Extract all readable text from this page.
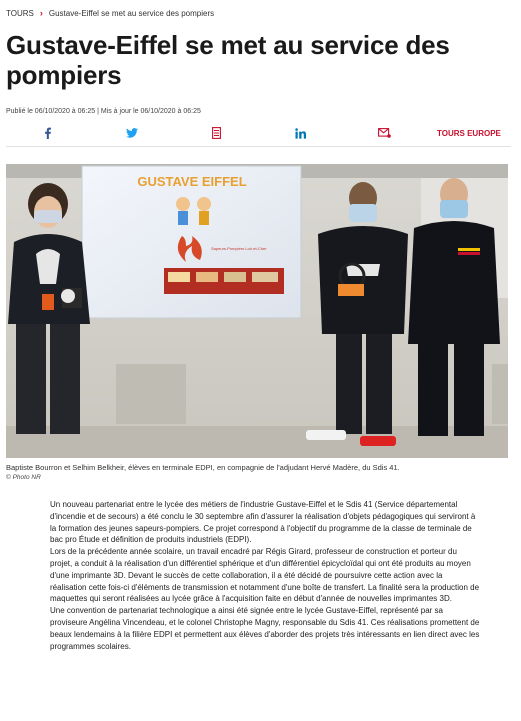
TOURS › Gustave-Eiffel se met au service des pompiers
Gustave-Eiffel se met au service des pompiers
Publié le 06/10/2020 à 06:25 | Mis à jour le 06/10/2020 à 06:25
TOURS EUROPE
GUSTAVE EIFFEL
Sapeurs-Pompiers Loir-et-Cher
Baptiste Bourron et Selhim Belkheir, élèves en terminale EDPI, en compagnie de l'adjudant Hervé Madère, du Sdis 41.
© Photo NR

Un nouveau partenariat entre le lycée des métiers de l'industrie Gustave-Eiffel et le Sdis 41 (Service départemental d'incendie et de secours) a été conclu le 30 septembre afin d'assurer la réalisation d'objets pédagogiques qui serviront à la formation des jeunes sapeurs-pompiers. Ce projet correspond à l'objectif du programme de la classe de terminale de bac pro Étude et définition de produits industriels (EDPI).

Lors de la précédente année scolaire, un travail encadré par Régis Girard, professeur de construction et porteur du projet, a conduit à la réalisation d'un différentiel sphérique et d'un différentiel épicycloïdal qui ont été produits au moyen d'une imprimante 3D. Devant le succès de cette collaboration, il a été décidé de poursuivre cette action avec la réalisation cette fois-ci d'éléments de transmission et notamment d'une boîte de transfert. La finalité sera la production de maquettes qui seront réalisées au lycée grâce à l'acquisition faite en début d'année de nouvelles imprimantes 3D.

Une convention de partenariat technologique a ainsi été signée entre le lycée Gustave-Eiffel, représenté par sa proviseure Angélina Vincendeau, et le colonel Christophe Magny, responsable du Sdis 41. Ces réalisations promettent de beaux lendemains à la filière EDPI et permettent aux élèves d'aborder des projets très intéressants en lien direct avec les programmes scolaires.
